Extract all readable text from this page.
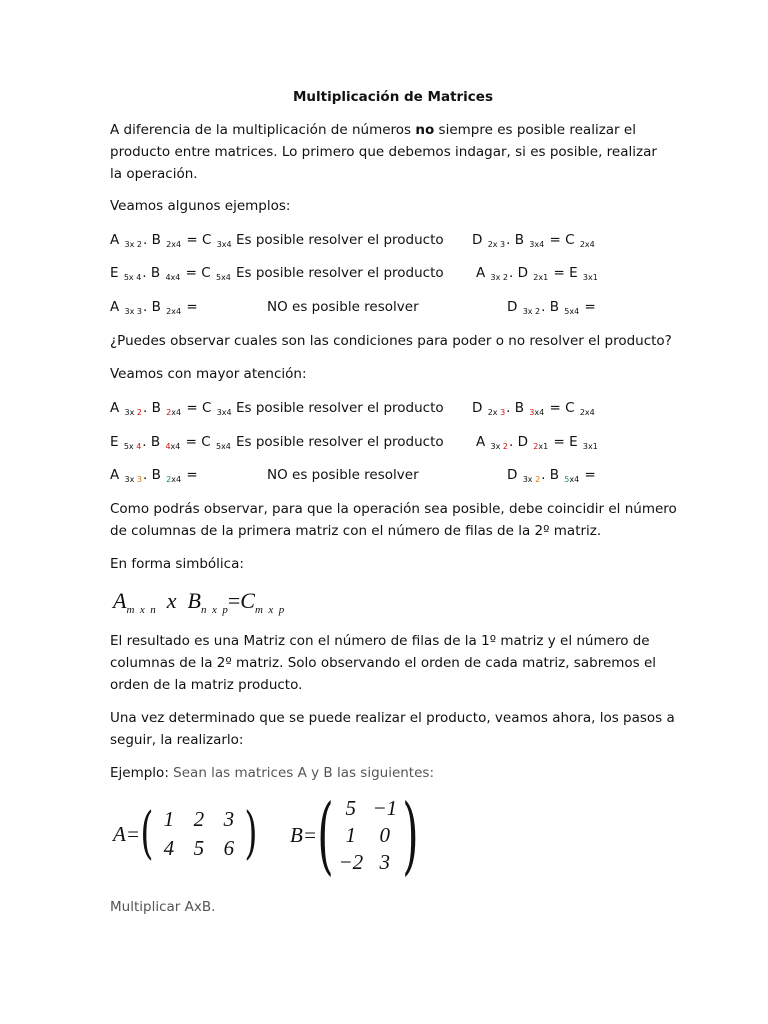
Multiplicación de Matrices
A diferencia de la multiplicación de números no siempre es posible realizar el
producto entre matrices. Lo primero que debemos indagar, si es posible, realizar
la operación.
Veamos algunos ejemplos:
A $_{3x 2}$. B $_{2x4}$ = C $_{3x4}$ Es posible resolver el producto D $_{2x 3}$. B $_{3x4}$ = C $_{2x4}$
E $_{5x 4}$. B $_{4x4}$ = C $_{5x4}$ Es posible resolver el producto A $_{3x 2}$. D $_{2x1}$ = E $_{3x1}$
A $_{3x 3}$. B $_{2x4}$ =	NO es posible resolver	D $_{3x 2}$. B $_{5x4}$ =
¿Puedes observar cuales son las condiciones para poder o no resolver el producto?
Veamos con mayor atención:
A $_{3x 2}$. B $_{2x4}$ = C $_{3x4}$ Es posible resolver el producto D $_{2x 3}$. B $_{3x4}$ = C $_{2x4}$
E $_{5x 4}$. B $_{4x4}$ = C $_{5x4}$ Es posible resolver el producto A $_{3x 2}$. D $_{2x1}$ = E $_{3x1}$
A $_{3x 3}$. B $_{2x4}$ =	NO es posible resolver	D $_{3x 2}$. B $_{5x4}$ =
Como podrás observar, para que la operación sea posible, debe coincidir el número
de columnas de la primera matriz con el número de filas de la 2º matriz.
En forma simbólica:
$A_{m x n}$  x  $B_{n x p}=C_{m x p}$
El resultado es una Matriz con el número de filas de la 1º matriz y el número de
columnas de la 2º matriz. Solo observando el orden de cada matriz, sabremos el
orden de la matriz producto.
Una vez determinado que se puede realizar el producto, veamos ahora, los pasos a
seguir, la realizarlo:
Ejemplo: Sean las matrices A y B las siguientes:
A= ( 1 2 3
4 5 6 ) B= ( 5 −1
1	0
−2 3 )
Multiplicar AxB.
